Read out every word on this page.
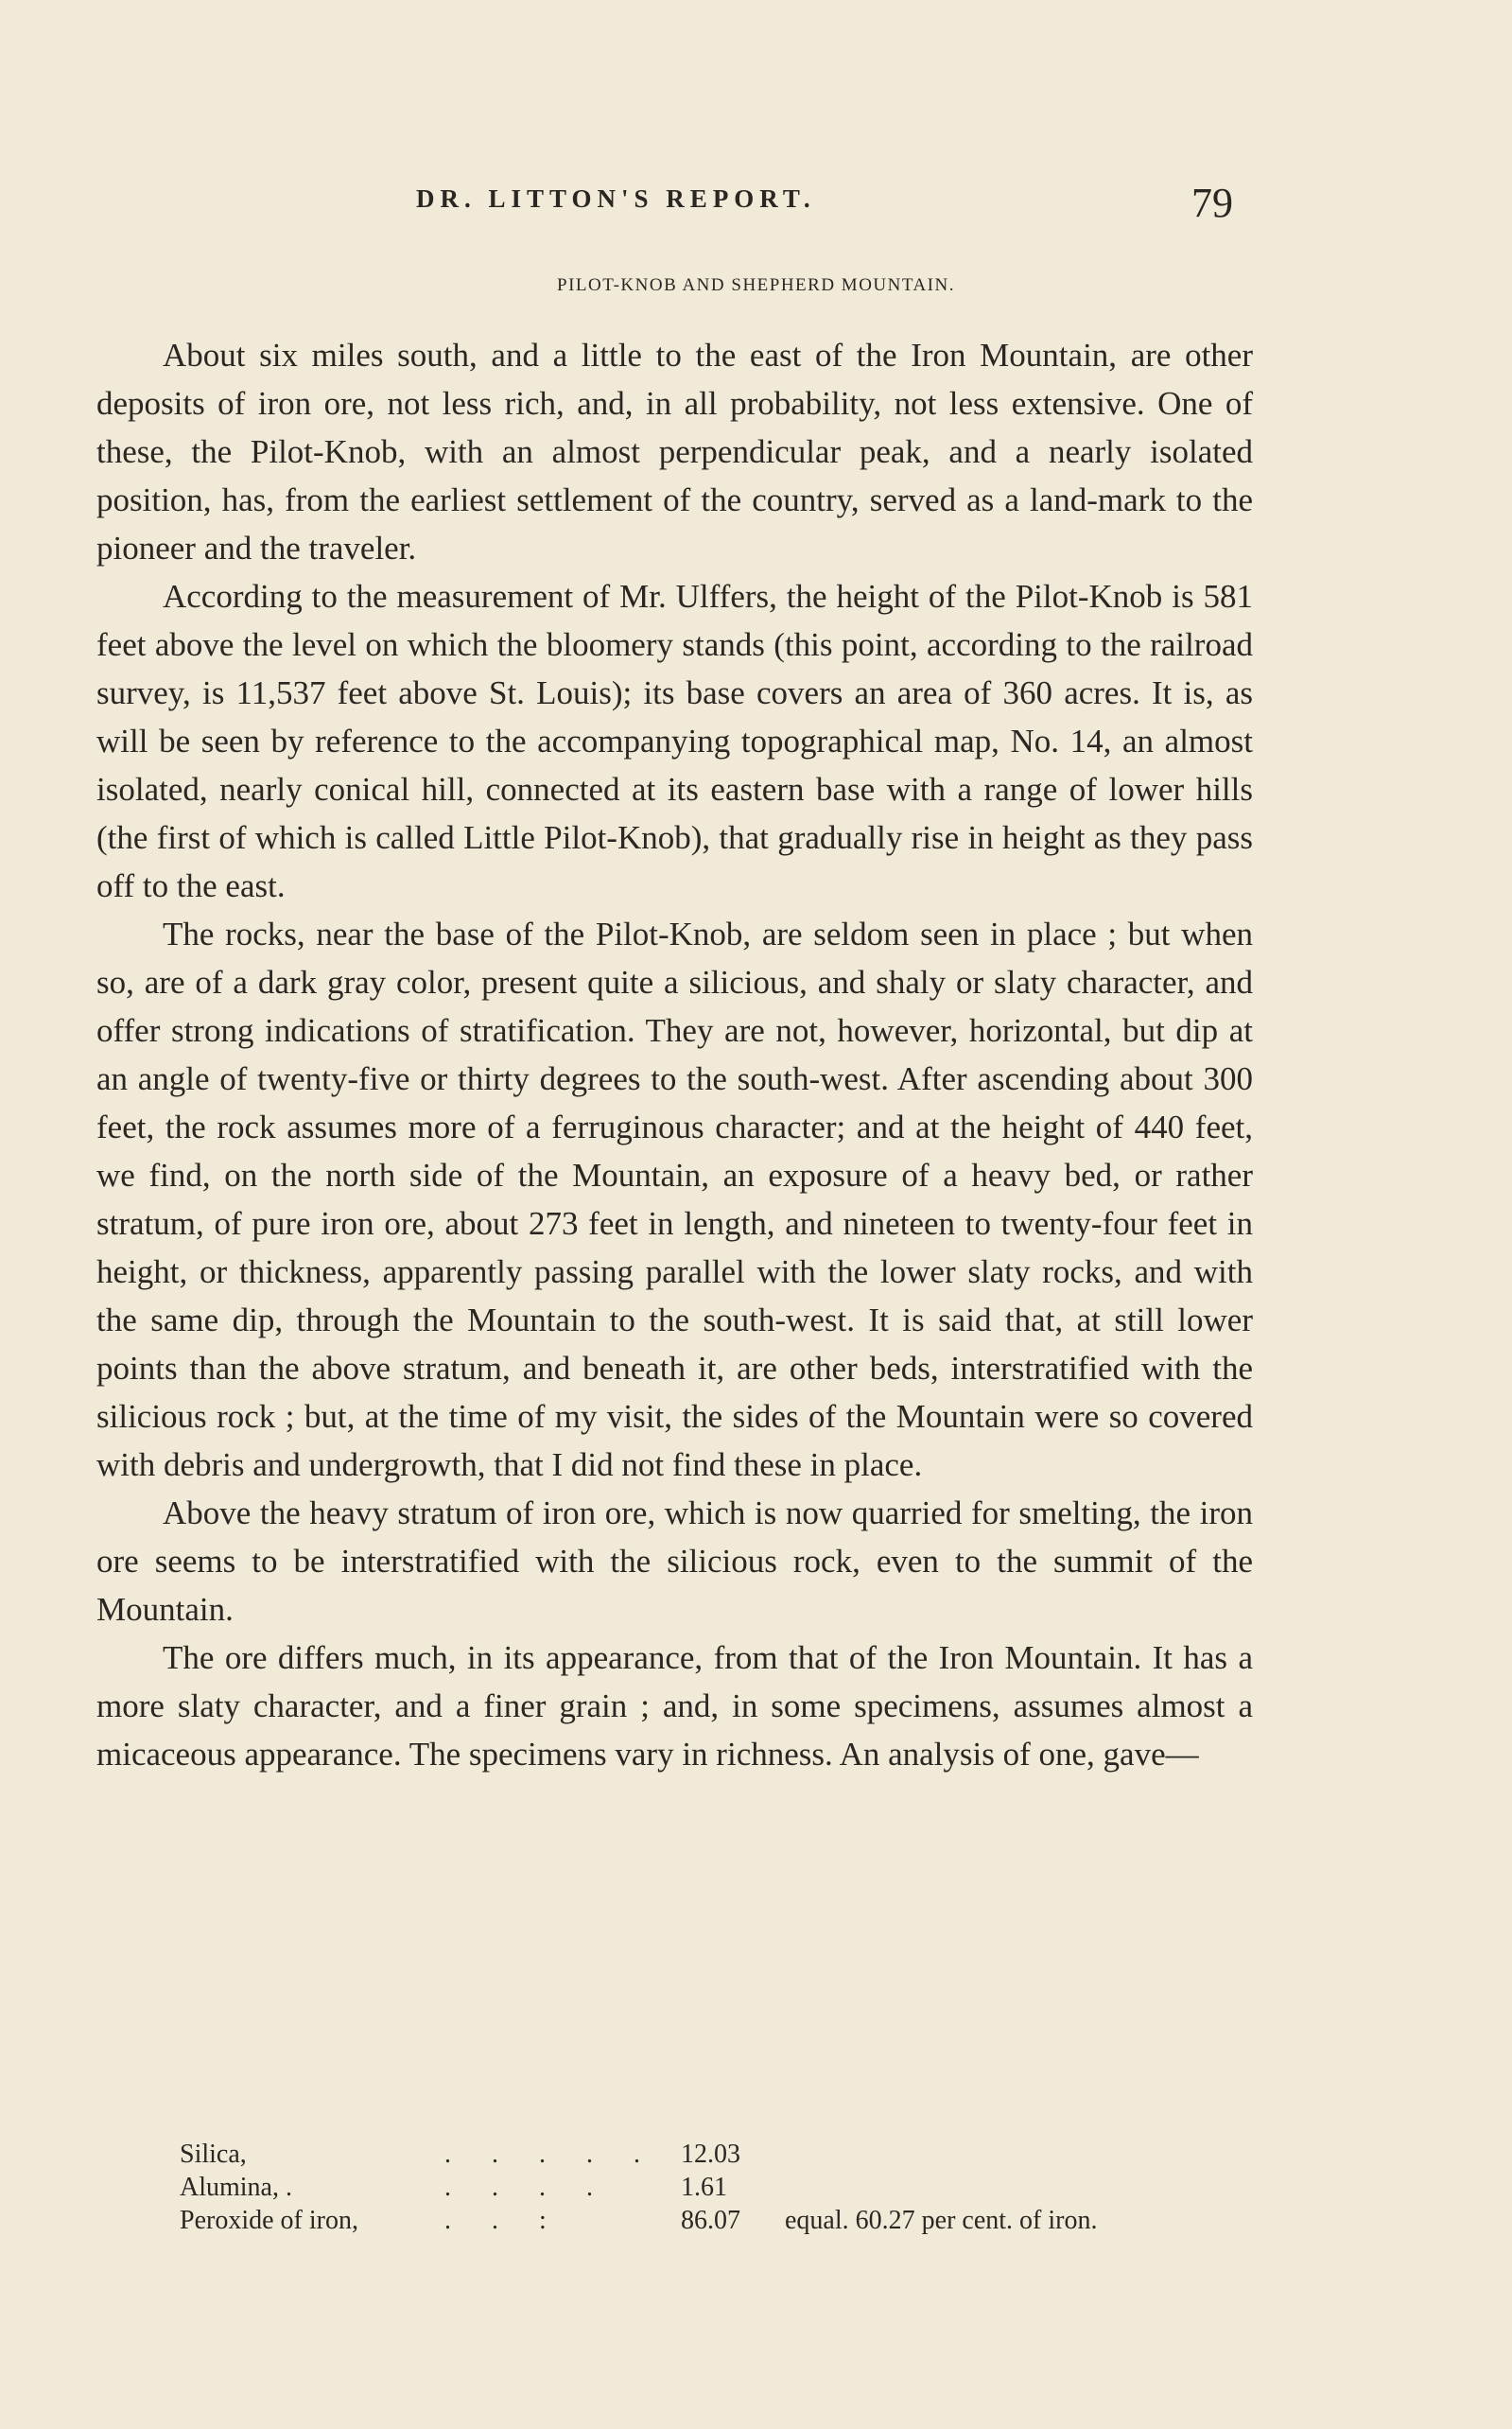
DR. LITTON'S REPORT.	79
PILOT-KNOB AND SHEPHERD MOUNTAIN.

About six miles south, and a little to the east of the Iron Mountain, are other deposits of iron ore, not less rich, and, in all probability, not less extensive. One of these, the Pilot-Knob, with an almost perpendicular peak, and a nearly isolated position, has, from the earliest settlement of the country, served as a land-mark to the pioneer and the traveler.

According to the measurement of Mr. Ulffers, the height of the Pilot-Knob is 581 feet above the level on which the bloomery stands (this point, according to the railroad survey, is 11,537 feet above St. Louis); its base covers an area of 360 acres. It is, as will be seen by reference to the accompanying topographical map, No. 14, an almost isolated, nearly conical hill, connected at its eastern base with a range of lower hills (the first of which is called Little Pilot-Knob), that gradually rise in height as they pass off to the east.

The rocks, near the base of the Pilot-Knob, are seldom seen in place ; but when so, are of a dark gray color, present quite a silicious, and shaly or slaty character, and offer strong indications of stratification. They are not, however, horizontal, but dip at an angle of twenty-five or thirty degrees to the south-west. After ascending about 300 feet, the rock assumes more of a ferruginous character; and at the height of 440 feet, we find, on the north side of the Mountain, an exposure of a heavy bed, or rather stratum, of pure iron ore, about 273 feet in length, and nineteen to twenty-four feet in height, or thickness, apparently passing parallel with the lower slaty rocks, and with the same dip, through the Mountain to the south-west. It is said that, at still lower points than the above stratum, and beneath it, are other beds, interstratified with the silicious rock ; but, at the time of my visit, the sides of the Mountain were so covered with debris and undergrowth, that I did not find these in place.

Above the heavy stratum of iron ore, which is now quarried for smelting, the iron ore seems to be interstratified with the silicious rock, even to the summit of the Mountain.

The ore differs much, in its appearance, from that of the Iron Mountain. It has a more slaty character, and a finer grain ; and, in some specimens, assumes almost a micaceous appearance. The specimens vary in richness. An analysis of one, gave—

Silica,	. . . . . 12.03
Alumina, .	. . . .	1.61
Peroxide of iron,	. . :	86.07	equal. 60.27 per cent. of iron.
